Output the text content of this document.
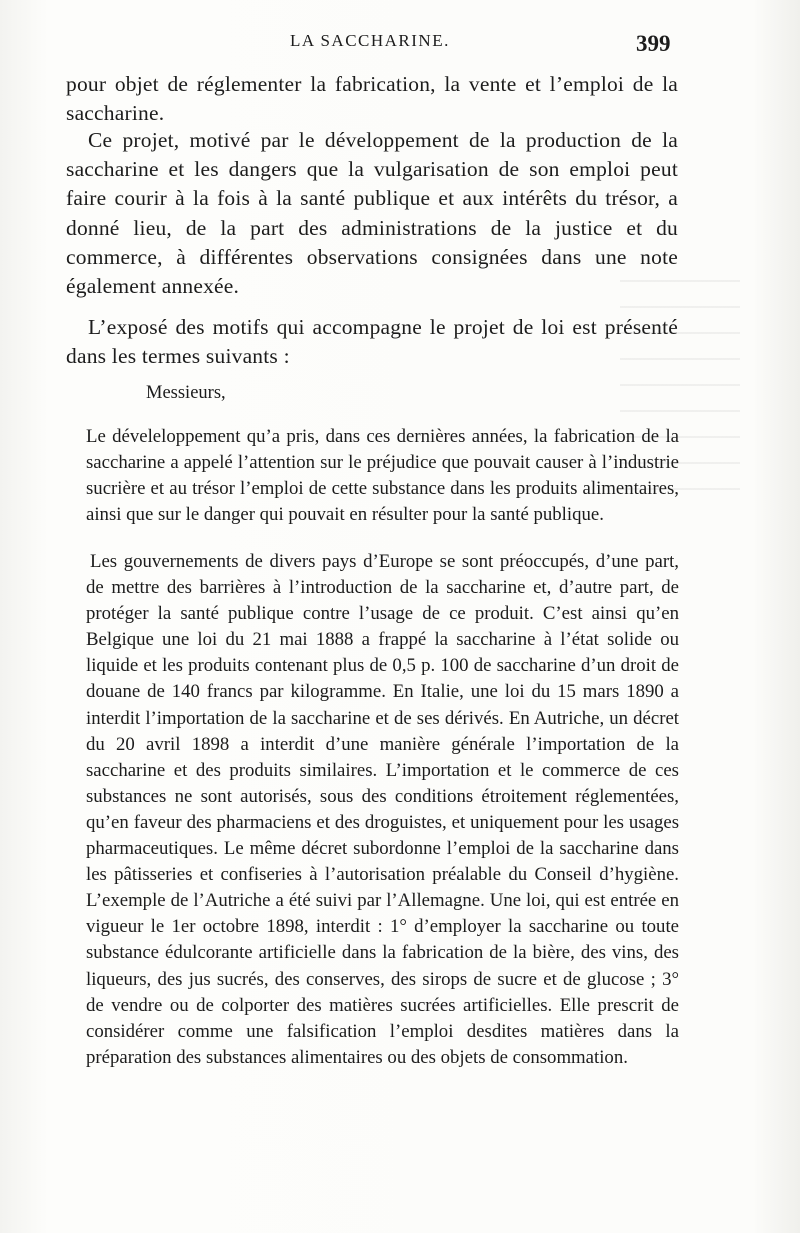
LA SACCHARINE.	399

pour objet de réglementer la fabrication, la vente et l’emploi de la saccharine.

Ce projet, motivé par le développement de la production de la saccharine et les dangers que la vulgarisation de son emploi peut faire courir à la fois à la santé publique et aux intérêts du trésor, a donné lieu, de la part des administrations de la justice et du commerce, à différentes observations consignées dans une note également annexée.

L’exposé des motifs qui accompagne le projet de loi est présenté dans les termes suivants :

Messieurs,

Le déveleloppement qu’a pris, dans ces dernières années, la fabrication de la saccharine a appelé l’attention sur le préjudice que pouvait causer à l’industrie sucrière et au trésor l’emploi de cette substance dans les produits alimentaires, ainsi que sur le danger qui pouvait en résulter pour la santé publique.

Les gouvernements de divers pays d’Europe se sont préoccupés, d’une part, de mettre des barrières à l’introduction de la saccharine et, d’autre part, de protéger la santé publique contre l’usage de ce produit. C’est ainsi qu’en Belgique une loi du 21 mai 1888 a frappé la saccharine à l’état solide ou liquide et les produits contenant plus de 0,5 p. 100 de saccharine d’un droit de douane de 140 francs par kilogramme. En Italie, une loi du 15 mars 1890 a interdit l’importation de la saccharine et de ses dérivés. En Autriche, un décret du 20 avril 1898 a interdit d’une manière générale l’importation de la saccharine et des produits similaires. L’importation et le commerce de ces substances ne sont autorisés, sous des conditions étroitement réglementées, qu’en faveur des pharmaciens et des droguistes, et uniquement pour les usages pharmaceutiques. Le même décret subordonne l’emploi de la saccharine dans les pâtisseries et confiseries à l’autorisation préalable du Conseil d’hygiène. L’exemple de l’Autriche a été suivi par l’Allemagne. Une loi, qui est entrée en vigueur le 1er octobre 1898, interdit : 1° d’employer la saccharine ou toute substance édulcorante artificielle dans la fabrication de la bière, des vins, des liqueurs, des jus sucrés, des conserves, des sirops de sucre et de glucose ; 3° de vendre ou de colporter des matières sucrées artificielles. Elle prescrit de considérer comme une falsification l’emploi desdites matières dans la préparation des substances alimentaires ou des objets de consommation.
